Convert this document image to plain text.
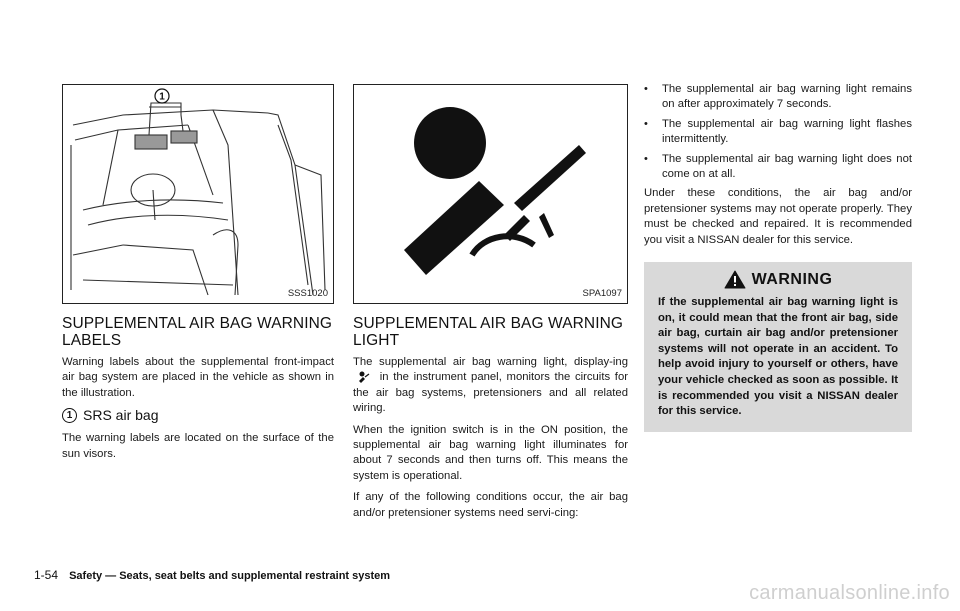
1
SSS1020
SUPPLEMENTAL AIR BAG WARNING LABELS

Warning labels about the supplemental front-impact air bag system are placed in the vehicle as shown in the illustration.

1 SRS air bag

The warning labels are located on the surface of the sun visors.

SPA1097
SUPPLEMENTAL AIR BAG WARNING LIGHT

The supplemental air bag warning light, display-ing  in the instrument panel, monitors the circuits for the air bag systems, pretensioners and all related wiring.

When the ignition switch is in the ON position, the supplemental air bag warning light illuminates for about 7 seconds and then turns off. This means the system is operational.

If any of the following conditions occur, the air bag and/or pretensioner systems need servi-cing:

• The supplemental air bag warning light remains on after approximately 7 seconds.
• The supplemental air bag warning light flashes intermittently.
• The supplemental air bag warning light does not come on at all.

Under these conditions, the air bag and/or pretensioner systems may not operate properly. They must be checked and repaired. It is recommended you visit a NISSAN dealer for this service.

WARNING
If the supplemental air bag warning light is on, it could mean that the front air bag, side air bag, curtain air bag and/or pretensioner systems will not operate in an accident. To help avoid injury to yourself or others, have your vehicle checked as soon as possible. It is recommended you visit a NISSAN dealer for this service.
1-54 Safety — Seats, seat belts and supplemental restraint system
carmanualsonline.info
